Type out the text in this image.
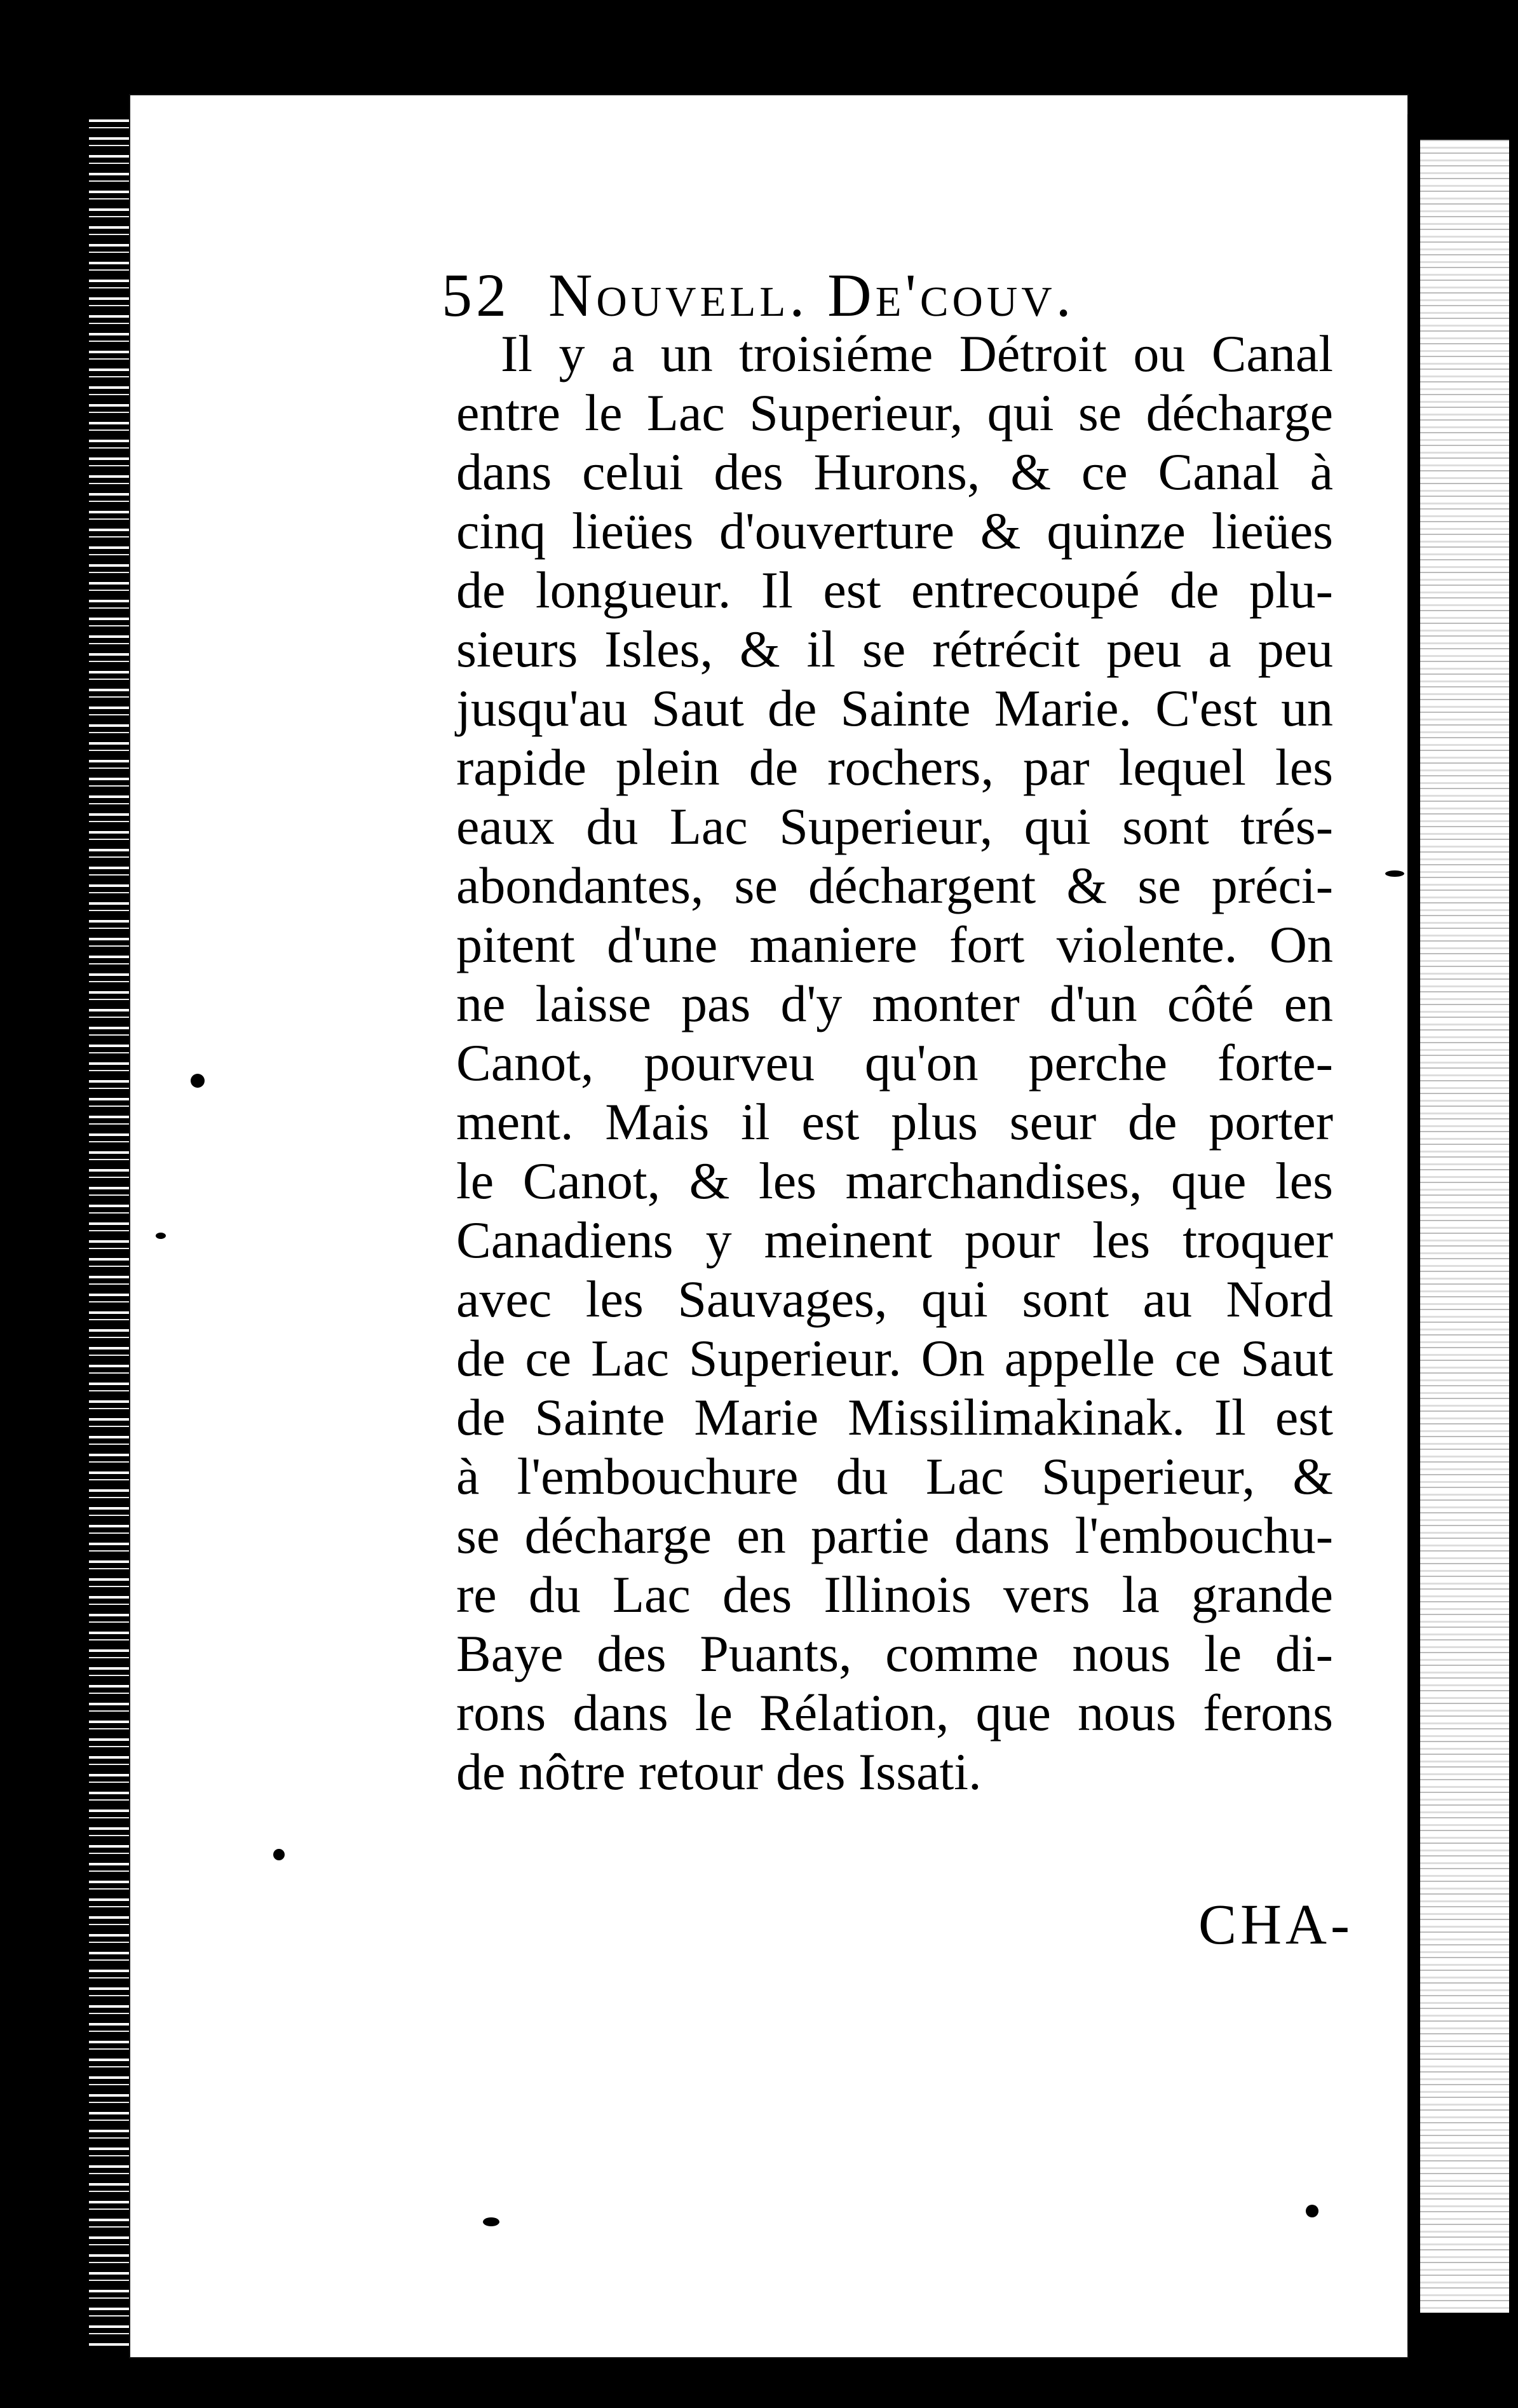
52 Nouvell. De'couv.
Il y a un troisiéme Détroit ou Canal
entre le Lac Superieur, qui se décharge
dans celui des Hurons, & ce Canal à
cinq lieües d'ouverture & quinze lieües
de longueur. Il est entrecoupé de plu-
sieurs Isles, & il se rétrécit peu a peu
jusqu'au Saut de Sainte Marie. C'est un
rapide plein de rochers, par lequel les
eaux du Lac Superieur, qui sont trés-
abondantes, se déchargent & se préci-
pitent d'une maniere fort violente. On
ne laisse pas d'y monter d'un côté en
Canot, pourveu qu'on perche forte-
ment. Mais il est plus seur de porter
le Canot, & les marchandises, que les
Canadiens y meinent pour les troquer
avec les Sauvages, qui sont au Nord
de ce Lac Superieur. On appelle ce Saut
de Sainte Marie Missilimakinak. Il est
à l'embouchure du Lac Superieur, &
se décharge en partie dans l'embouchu-
re du Lac des Illinois vers la grande
Baye des Puants, comme nous le di-
rons dans le Rélation, que nous ferons
de nôtre retour des Issati.
CHA-
